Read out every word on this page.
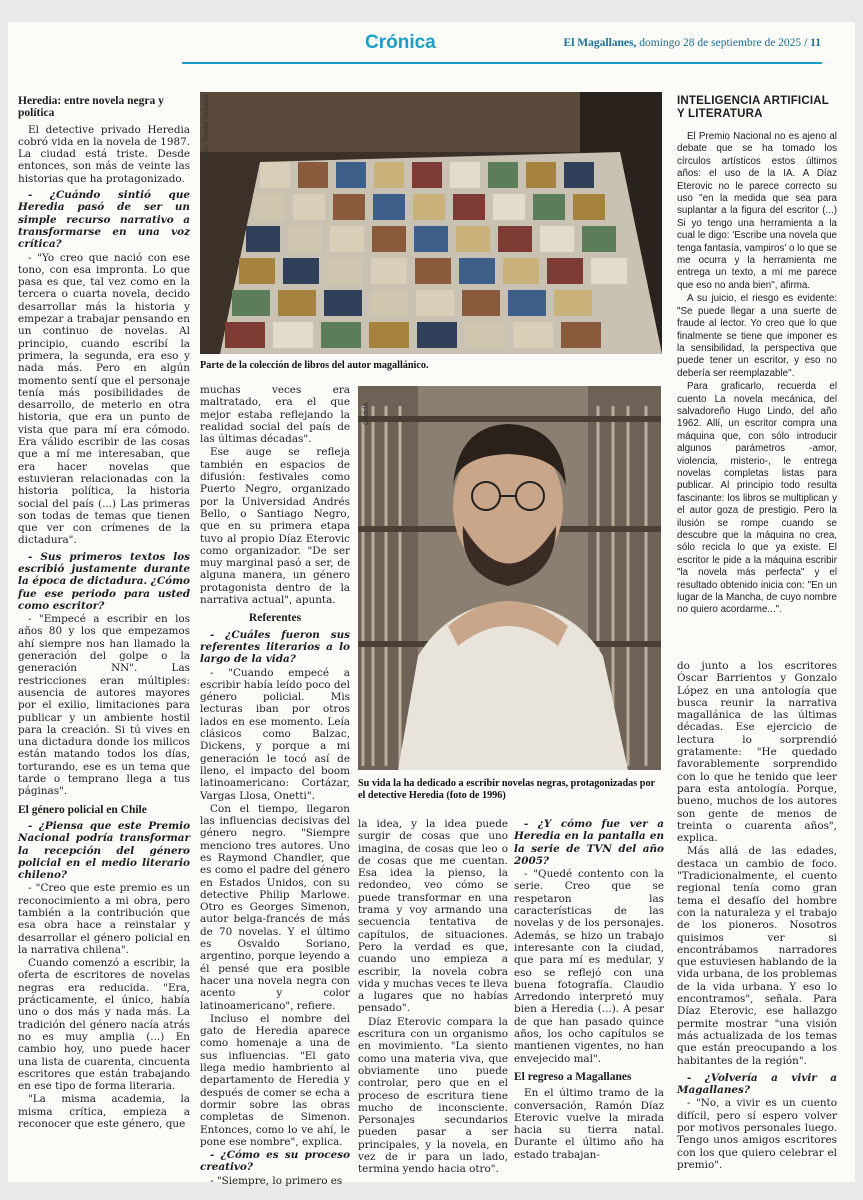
Crónica	El Magallanes, domingo 28 de septiembre de 2025 / 11
Heredia: entre novela negra y política

El detective privado Heredia cobró vida en la novela de 1987. La ciudad está triste. Desde entonces, son más de veinte las historias que ha protagonizado.

- ¿Cuándo sintió que Heredia pasó de ser un simple recurso narrativo a transformarse en una voz crítica?

- "Yo creo que nació con ese tono, con esa impronta. Lo que pasa es que, tal vez como en la tercera o cuarta novela, decido desarrollar más la historia y empezar a trabajar pensando en un continuo de novelas. Al principio, cuando escribí la primera, la segunda, era eso y nada más. Pero en algún momento sentí que el personaje tenía más posibilidades de desarrollo, de meterlo en otra historia, que era un punto de vista que para mí era cómodo. Era válido escribir de las cosas que a mí me interesaban, que era hacer novelas que estuvieran relacionadas con la historia política, la historia social del país (...) Las primeras son todas de temas que tienen que ver con crímenes de la dictadura".

- Sus primeros textos los escribió justamente durante la época de dictadura. ¿Cómo fue ese periodo para usted como escritor?

- "Empecé a escribir en los años 80 y los que empezamos ahí siempre nos han llamado la generación del golpe o la generación NN". Las restricciones eran múltiples: ausencia de autores mayores por el exilio, limitaciones para publicar y un ambiente hostil para la creación. Si tú vives en una dictadura donde los milicos están matando todos los días, torturando, ese es un tema que tarde o temprano llega a tus páginas".

El género policial en Chile

- ¿Piensa que este Premio Nacional podría transformar la recepción del género policial en el medio literario chileno?

- "Creo que este premio es un reconocimiento a mi obra, pero también a la contribución que esa obra hace a reinstalar y desarrollar el género policial en la narrativa chilena".

Cuando comenzó a escribir, la oferta de escritores de novelas negras era reducida. "Era, prácticamente, el único, había uno o dos más y nada más. La tradición del género nacía atrás no es muy amplia (...) En cambio hoy, uno puede hacer una lista de cuarenta, cincuenta escritores que están trabajando en ese tipo de forma literaria.

"La misma academia, la misma crítica, empieza a reconocer que este género, que

Foto: Tomás Ferrada
Parte de la colección de libros del autor magallánico.

muchas veces era maltratado, era el que mejor estaba reflejando la realidad social del país de las últimas décadas".

Ese auge se refleja también en espacios de difusión: festivales como Puerto Negro, organizado por la Universidad Andrés Bello, o Santiago Negro, que en su primera etapa tuvo al propio Díaz Eterovic como organizador. "De ser muy marginal pasó a ser, de alguna manera, un género protagonista dentro de la narrativa actual", apunta.

Referentes

- ¿Cuáles fueron sus referentes literarios a lo largo de la vida?

- "Cuando empecé a escribir había leído poco del género policial. Mis lecturas iban por otros lados en ese momento. Leía clásicos como Balzac, Dickens, y porque a mi generación le tocó así de lleno, el impacto del boom latinoamericano: Cortázar, Vargas Llosa, Onetti".

Con el tiempo, llegaron las influencias decisivas del género negro. "Siempre menciono tres autores. Uno es Raymond Chandler, que es como el padre del género en Estados Unidos, con su detective Philip Marlowe. Otro es Georges Simenon, autor belga-francés de más de 70 novelas. Y el último es Osvaldo Soriano, argentino, porque leyendo a él pensé que era posible hacer una novela negra con acento y color latinoamericano", refiere.

Incluso el nombre del gato de Heredia aparece como homenaje a una de sus influencias. "El gato llega medio hambriento al departamento de Heredia y después de comer se echa a dormir sobre las obras completas de Simenon. Entonces, como lo ve ahí, le pone ese nombre", explica.

- ¿Cómo es su proceso creativo?

- "Siempre, lo primero es

Cedida
Su vida la ha dedicado a escribir novelas negras, protagonizadas por el detective Heredia (foto de 1996)

la idea, y la idea puede surgir de cosas que uno imagina, de cosas que leo o de cosas que me cuentan. Esa idea la pienso, la redondeo, veo cómo se puede transformar en una trama y voy armando una secuencia tentativa de capítulos, de situaciones. Pero la verdad es que, cuando uno empieza a escribir, la novela cobra vida y muchas veces te lleva a lugares que no habías pensado".

Díaz Eterovic compara la escritura con un organismo en movimiento. "La siento como una materia viva, que obviamente uno puede controlar, pero que en el proceso de escritura tiene mucho de inconsciente. Personajes secundarios pueden pasar a ser principales, y la novela, en vez de ir para un lado, termina yendo hacia otro".

- ¿Y cómo fue ver a Heredia en la pantalla en la serie de TVN del año 2005?

- "Quedé contento con la serie. Creo que se respetaron las características de las novelas y de los personajes. Además, se hizo un trabajo interesante con la ciudad, que para mí es medular, y eso se reflejó con una buena fotografía. Claudio Arredondo interpretó muy bien a Heredia (...). A pesar de que han pasado quince años, los ocho capítulos se mantienen vigentes, no han envejecido mal".

El regreso a Magallanes

En el último tramo de la conversación, Ramón Díaz Eterovic vuelve la mirada hacia su tierra natal. Durante el último año ha estado trabajan-

INTELIGENCIA ARTIFICIAL Y LITERATURA

El Premio Nacional no es ajeno al debate que se ha tomado los círculos artísticos estos últimos años: el uso de la IA. A Díaz Eterovic no le parece correcto su uso "en la medida que sea para suplantar a la figura del escritor (...) Si yo tengo una herramienta a la cual le digo: 'Escribe una novela que tenga fantasía, vampiros' o lo que se me ocurra y la herramienta me entrega un texto, a mí me parece que eso no anda bien", afirma.

A su juicio, el riesgo es evidente: "Se puede llegar a una suerte de fraude al lector. Yo creo que lo que finalmente se tiene que imponer es la sensibilidad, la perspectiva que puede tener un escritor, y eso no debería ser reemplazable".

Para graficarlo, recuerda el cuento La novela mecánica, del salvadoreño Hugo Lindo, del año 1962. Allí, un escritor compra una máquina que, con sólo introducir algunos parámetros -amor, violencia, misterio-, le entrega novelas completas listas para publicar. Al principio todo resulta fascinante: los libros se multiplican y el autor goza de prestigio. Pero la ilusión se rompe cuando se descubre que la máquina no crea, sólo recicla lo que ya existe. El escritor le pide a la máquina escribir "la novela más perfecta" y el resultado obtenido inicia con: "En un lugar de la Mancha, de cuyo nombre no quiero acordarme...".

do junto a los escritores Óscar Barrientos y Gonzalo López en una antología que busca reunir la narrativa magallánica de las últimas décadas. Ese ejercicio de lectura lo sorprendió gratamente: "He quedado favorablemente sorprendido con lo que he tenido que leer para esta antología. Porque, bueno, muchos de los autores son gente de menos de treinta o cuarenta años", explica.

Más allá de las edades, destaca un cambio de foco. "Tradicionalmente, el cuento regional tenía como gran tema el desafío del hombre con la naturaleza y el trabajo de los pioneros. Nosotros quisimos ver si encontrábamos narradores que estuviesen hablando de la vida urbana, de los problemas de la vida urbana. Y eso lo encontramos", señala. Para Díaz Eterovic, ese hallazgo permite mostrar "una visión más actualizada de los temas que están preocupando a los habitantes de la región".

- ¿Volvería a vivir a Magallanes?

- "No, a vivir es un cuento difícil, pero sí espero volver por motivos personales luego. Tengo unos amigos escritores con los que quiero celebrar el premio".
